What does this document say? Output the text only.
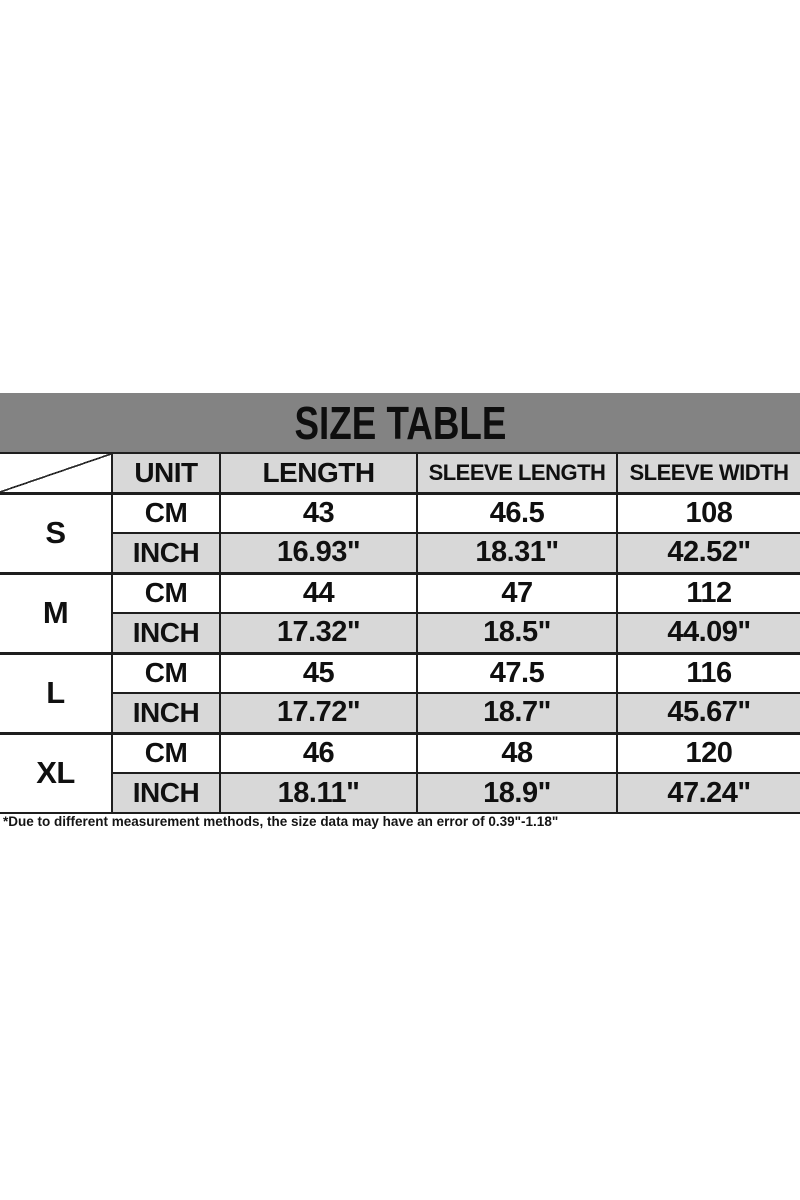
SIZE TABLE
	UNIT	LENGTH	SLEEVE LENGTH	SLEEVE WIDTH
S	CM	43	46.5	108
	INCH	16.93"	18.31"	42.52"
M	CM	44	47	112
	INCH	17.32"	18.5"	44.09"
L	CM	45	47.5	116
	INCH	17.72"	18.7"	45.67"
XL	CM	46	48	120
	INCH	18.11"	18.9"	47.24"
*Due to different measurement methods, the size data may have an error of 0.39"-1.18"
